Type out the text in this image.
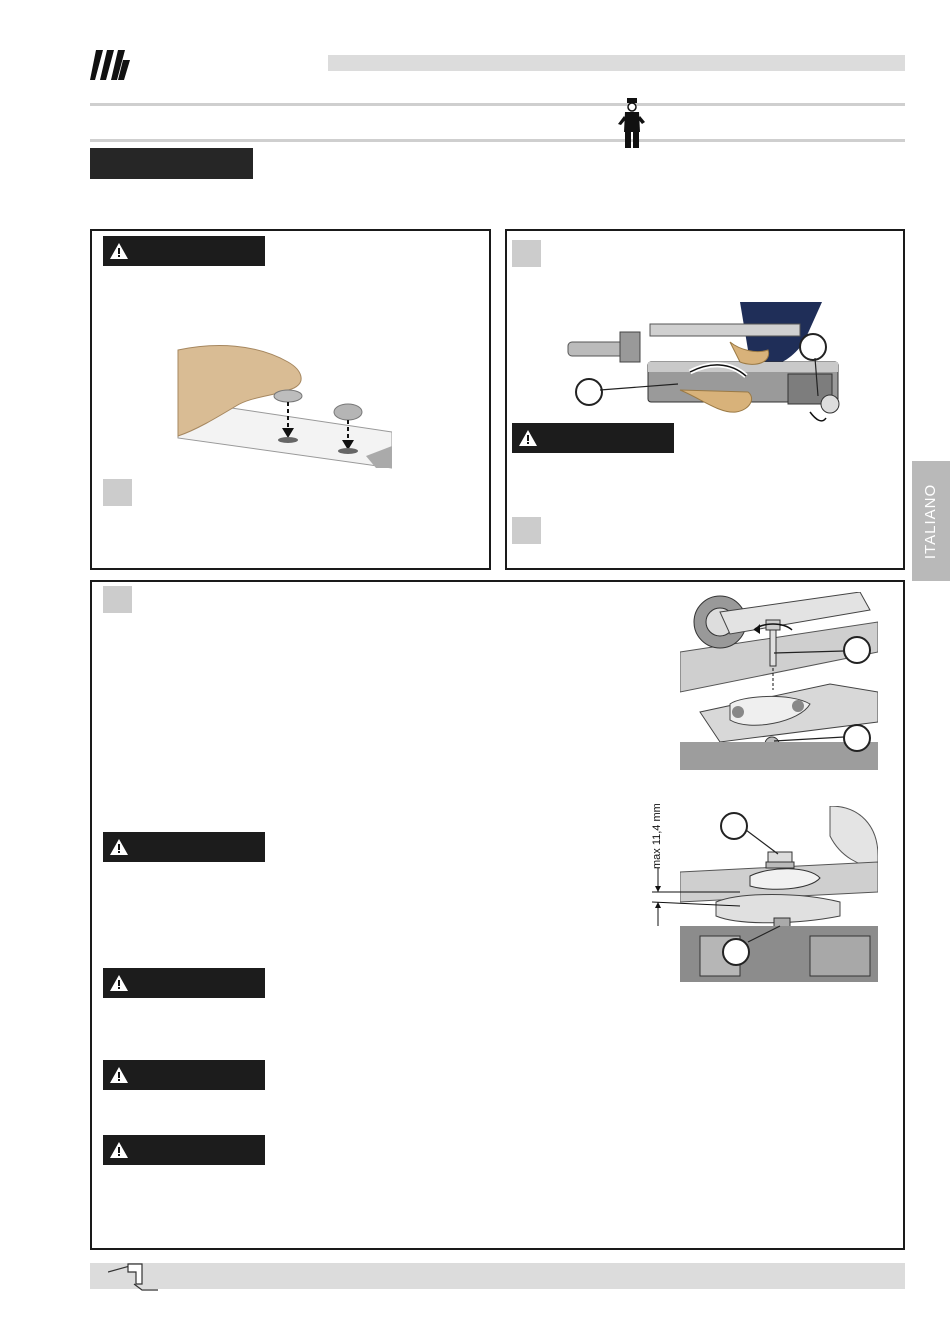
ITALIANO
max 11,4 mm
